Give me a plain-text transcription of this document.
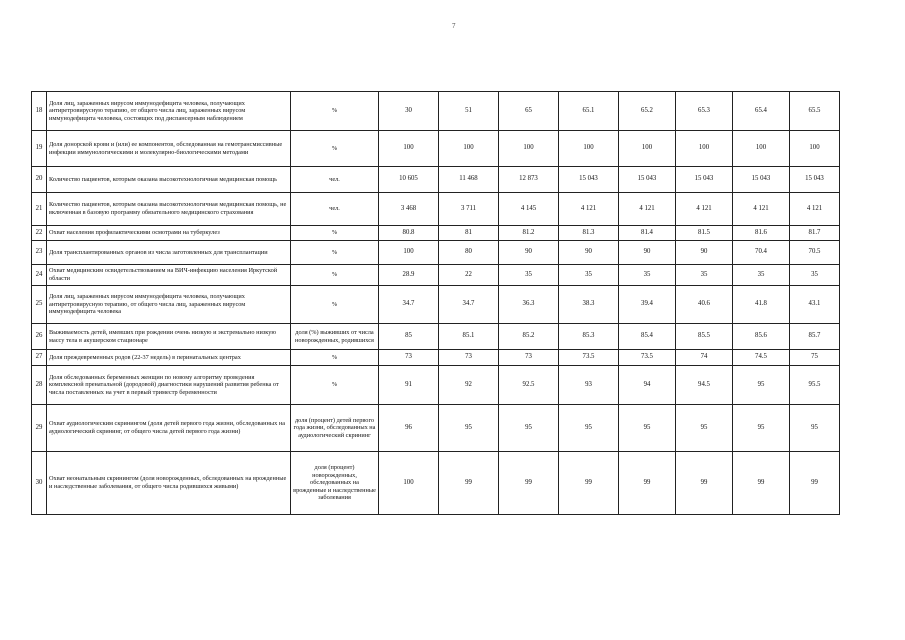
7
18	Доля лиц, зараженных вирусом иммунодефицита человека, получающих антиретровирусную терапию, от общего числа лиц, зараженных вирусом иммунодефицита человека, состоящих под диспансерным наблюдением	%	30	51	65	65.1	65.2	65.3	65.4	65.5
19	Доля донорской крови и (или) ее компонентов, обследованная на гемотрансмиссивные инфекции иммунологическими и молекулярно-биологическими методами	%	100	100	100	100	100	100	100	100
20	Количество пациентов, которым оказана высокотехнологичная медицинская помощь	чел.	10 605	11 468	12 873	15 043	15 043	15 043	15 043	15 043
21	Количество пациентов, которым оказана высокотехнологичная медицинская помощь, не включенная в базовую программу обязательного медицинского страхования	чел.	3 468	3 711	4 145	4 121	4 121	4 121	4 121	4 121
22	Охват населения профилактическими осмотрами на туберкулез	%	80.8	81	81.2	81.3	81.4	81.5	81.6	81.7
23	Доля трансплантированных органов из числа заготовленных для трансплантации	%	100	80	90	90	90	90	70.4	70.5
24	Охват медицинским освидетельствованием на ВИЧ-инфекцию населения Иркутской области	%	28.9	22	35	35	35	35	35	35
25	Доля лиц, зараженных вирусом иммунодефицита человека, получающих антиретровирусную терапию, от общего числа лиц, зараженных вирусом иммунодефицита человека	%	34.7	34.7	36.3	38.3	39.4	40.6	41.8	43.1
26	Выживаемость детей, имевших при рождении очень низкую и экстремально низкую массу тела в акушерском стационаре	доля (%) выживших от числа новорожденных, родившихся	85	85.1	85.2	85.3	85.4	85.5	85.6	85.7
27	Доля преждевременных родов (22-37 недель) в перинатальных центрах	%	73	73	73	73.5	73.5	74	74.5	75
28	Доля обследованных беременных женщин по новому алгоритму проведения комплексной пренатальной (дородовой) диагностики нарушений развития ребенка от числа поставленных на учет в первый триместр беременности	%	91	92	92.5	93	94	94.5	95	95.5
29	Охват аудиологическим скринингом (доля детей первого года жизни, обследованных на аудиологический скрининг, от общего числа детей первого года жизни)	доля (процент) детей первого года жизни, обследованных на аудиологический скрининг	96	95	95	95	95	95	95	95
30	Охват неонатальным скринингом (доля новорожденных, обследованных на врожденные и наследственные заболевания, от общего числа родившихся живыми)	доля (процент) новорожденных, обследованных на врожденные и наследственные заболевания	100	99	99	99	99	99	99	99
